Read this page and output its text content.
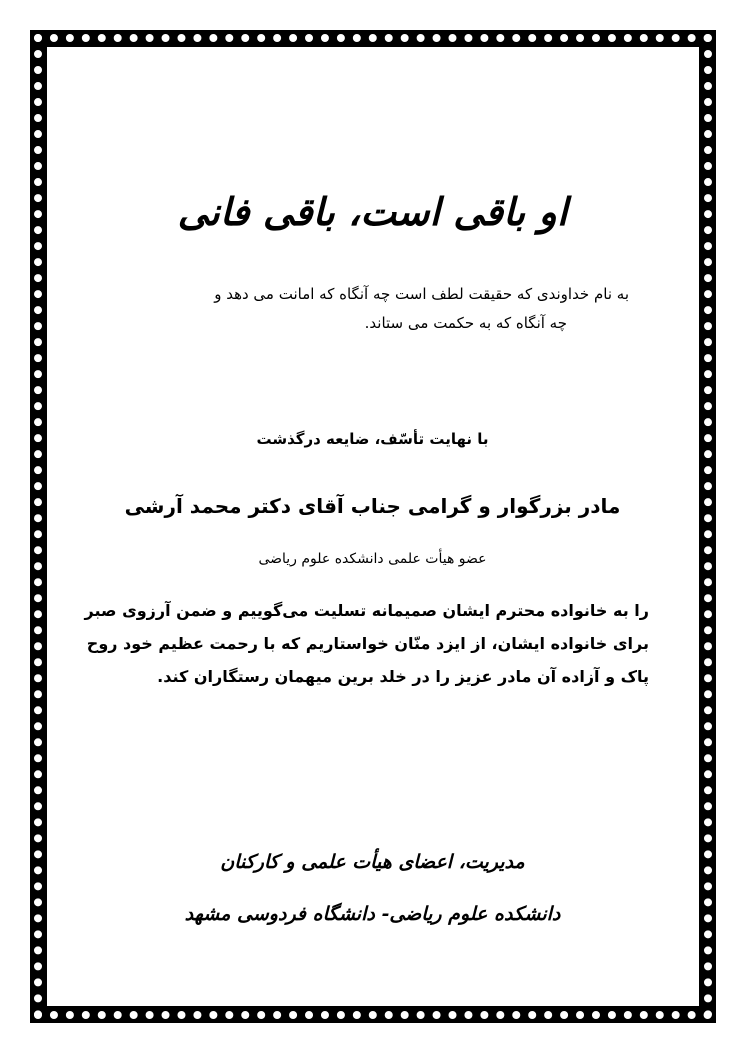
او باقی است، باقی فانی
به نام خداوندی که حقیقت لطف است چه آنگاه که امانت می دهد و
چه آنگاه که به حکمت می ستاند.
با نهایت تأسّف، ضایعه درگذشت
مادر بزرگوار و گرامی جناب آقای دکتر محمد آرشی
عضو هیأت علمی دانشکده علوم ریاضی
را به خانواده محترم ایشان صمیمانه تسلیت می‌گوییم و ضمن آرزوی صبر
برای خانواده ایشان، از ایزد منّان خواستاریم که با رحمت عظیم خود روح
پاک و آزاده آن مادر عزیز را در خلد برین میهمان رستگاران کند.
مدیریت، اعضای هیأت علمی و کارکنان
دانشکده علوم ریاضی- دانشگاه فردوسی مشهد
